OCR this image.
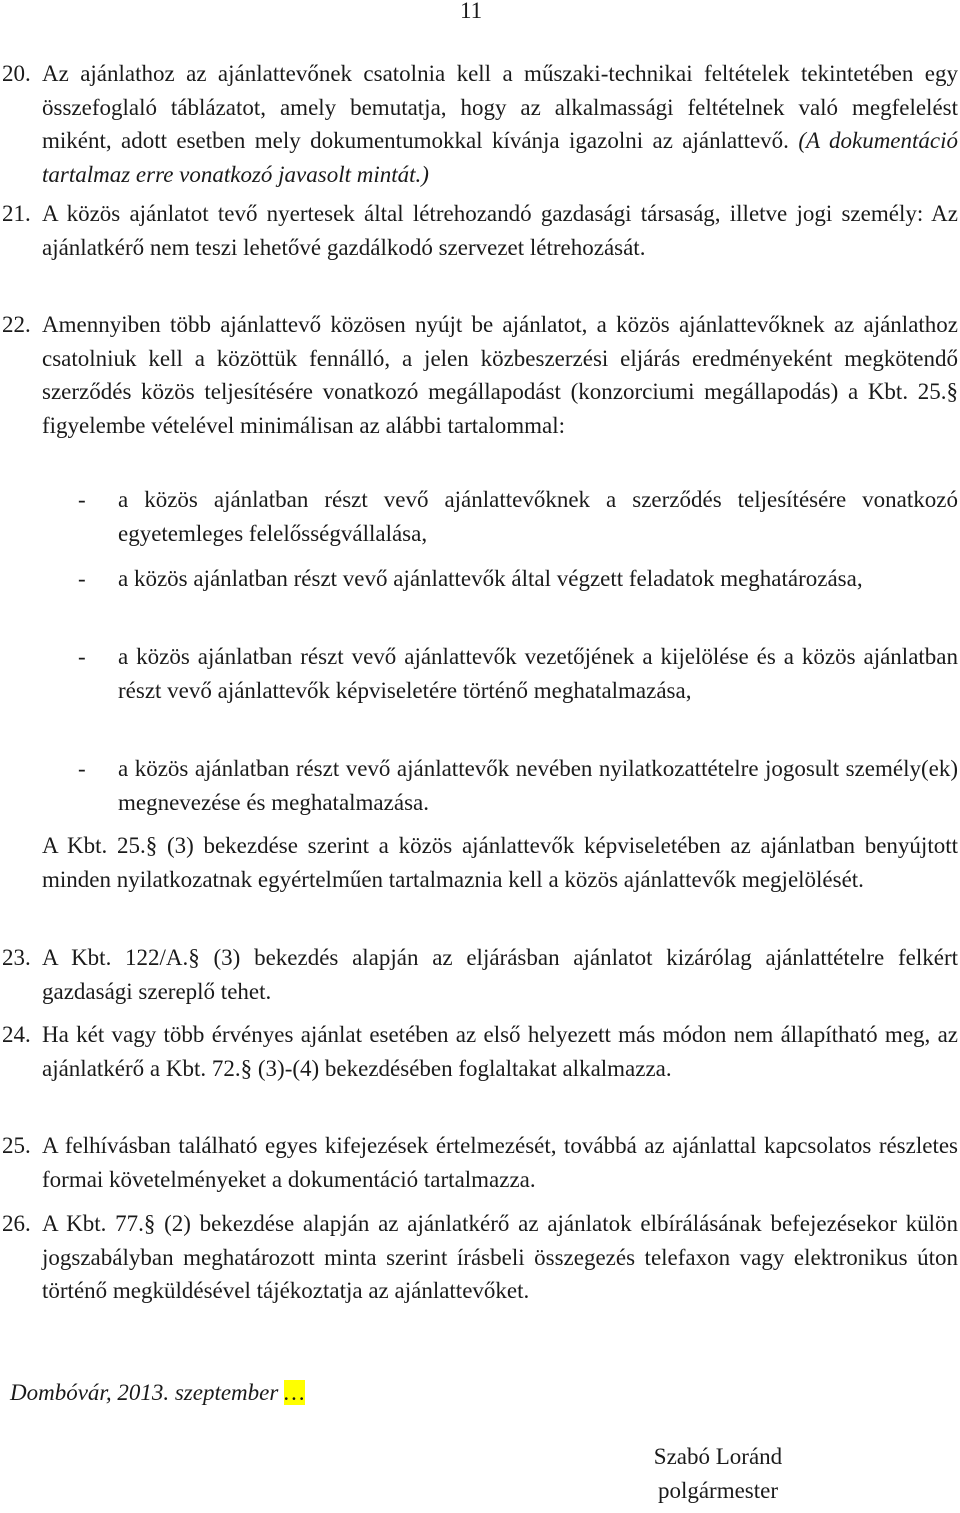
11
20. Az ajánlathoz az ajánlattevőnek csatolnia kell a műszaki-technikai feltételek tekintetében egy összefoglaló táblázatot, amely bemutatja, hogy az alkalmassági feltételnek való megfelelést miként, adott esetben mely dokumentumokkal kívánja igazolni az ajánlattevő. (A dokumentáció tartalmaz erre vonatkozó javasolt mintát.)

21. A közös ajánlatot tevő nyertesek által létrehozandó gazdasági társaság, illetve jogi személy: Az ajánlatkérő nem teszi lehetővé gazdálkodó szervezet létrehozását.

22. Amennyiben több ajánlattevő közösen nyújt be ajánlatot, a közös ajánlattevőknek az ajánlathoz csatolniuk kell a közöttük fennálló, a jelen közbeszerzési eljárás eredményeként megkötendő szerződés közös teljesítésére vonatkozó megállapodást (konzorciumi megállapodás) a Kbt. 25.§ figyelembe vételével minimálisan az alábbi tartalommal:

- a közös ajánlatban részt vevő ajánlattevőknek a szerződés teljesítésére vonatkozó egyetemleges felelősségvállalása,
- a közös ajánlatban részt vevő ajánlattevők által végzett feladatok meghatározása,
- a közös ajánlatban részt vevő ajánlattevők vezetőjének a kijelölése és a közös ajánlatban részt vevő ajánlattevők képviseletére történő meghatalmazása,
- a közös ajánlatban részt vevő ajánlattevők nevében nyilatkozattételre jogosult személy(ek) megnevezése és meghatalmazása.
A Kbt. 25.§ (3) bekezdése szerint a közös ajánlattevők képviseletében az ajánlatban benyújtott minden nyilatkozatnak egyértelműen tartalmaznia kell a közös ajánlattevők megjelölését.
23. A Kbt. 122/A.§ (3) bekezdés alapján az eljárásban ajánlatot kizárólag ajánlattételre felkért gazdasági szereplő tehet.

24. Ha két vagy több érvényes ajánlat esetében az első helyezett más módon nem állapítható meg, az ajánlatkérő a Kbt. 72.§ (3)-(4) bekezdésében foglaltakat alkalmazza.

25. A felhívásban található egyes kifejezések értelmezését, továbbá az ajánlattal kapcsolatos részletes formai követelményeket a dokumentáció tartalmazza.

26. A Kbt. 77.§ (2) bekezdése alapján az ajánlatkérő az ajánlatok elbírálásának befejezésekor külön jogszabályban meghatározott minta szerint írásbeli összegezés telefaxon vagy elektronikus úton történő megküldésével tájékoztatja az ajánlattevőket.

Dombóvár, 2013. szeptember …
Szabó Loránd
polgármester
